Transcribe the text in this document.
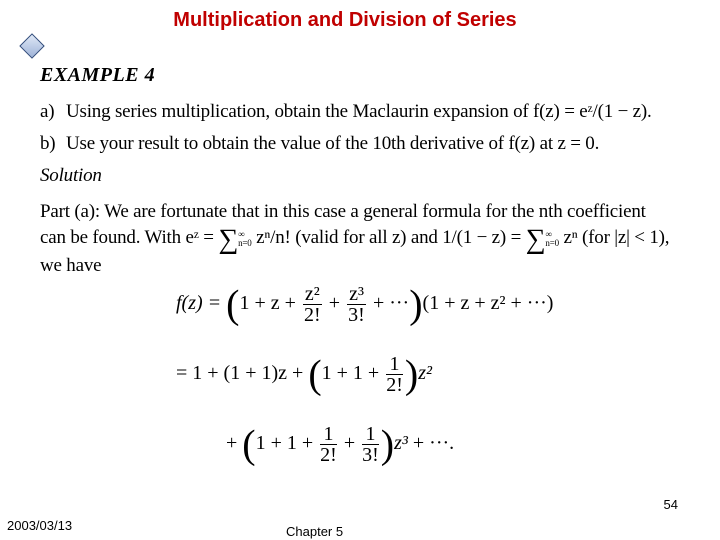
Multiplication and Division of Series
EXAMPLE 4
a) Using series multiplication, obtain the Maclaurin expansion of f(z) = eᶻ/(1 − z).
b) Use your result to obtain the value of the 10th derivative of f(z) at z = 0.
Solution
Part (a): We are fortunate that in this case a general formula for the nth coefficient
can be found. With eᶻ = ∑∞
n=0 zⁿ/n! (valid for all z) and 1/(1 − z) = ∑∞
n=0 zⁿ (for |z| < 1),
we have
$f(z) = (1 + z + \frac{\text{z²}}{2!} + \frac{\text{z³}}{3!} + \cdot\cdot\cdot)(1 + z + z^2$ + ···)
= $1 + (1 + 1)z + (1 + 1 + \frac{1}{2!} )z^2$
+ $(1 + 1 + \frac{1}{2!} + \frac{1}{3!} )z^3$ + ···.
54
2003/03/13	Chapter 5
